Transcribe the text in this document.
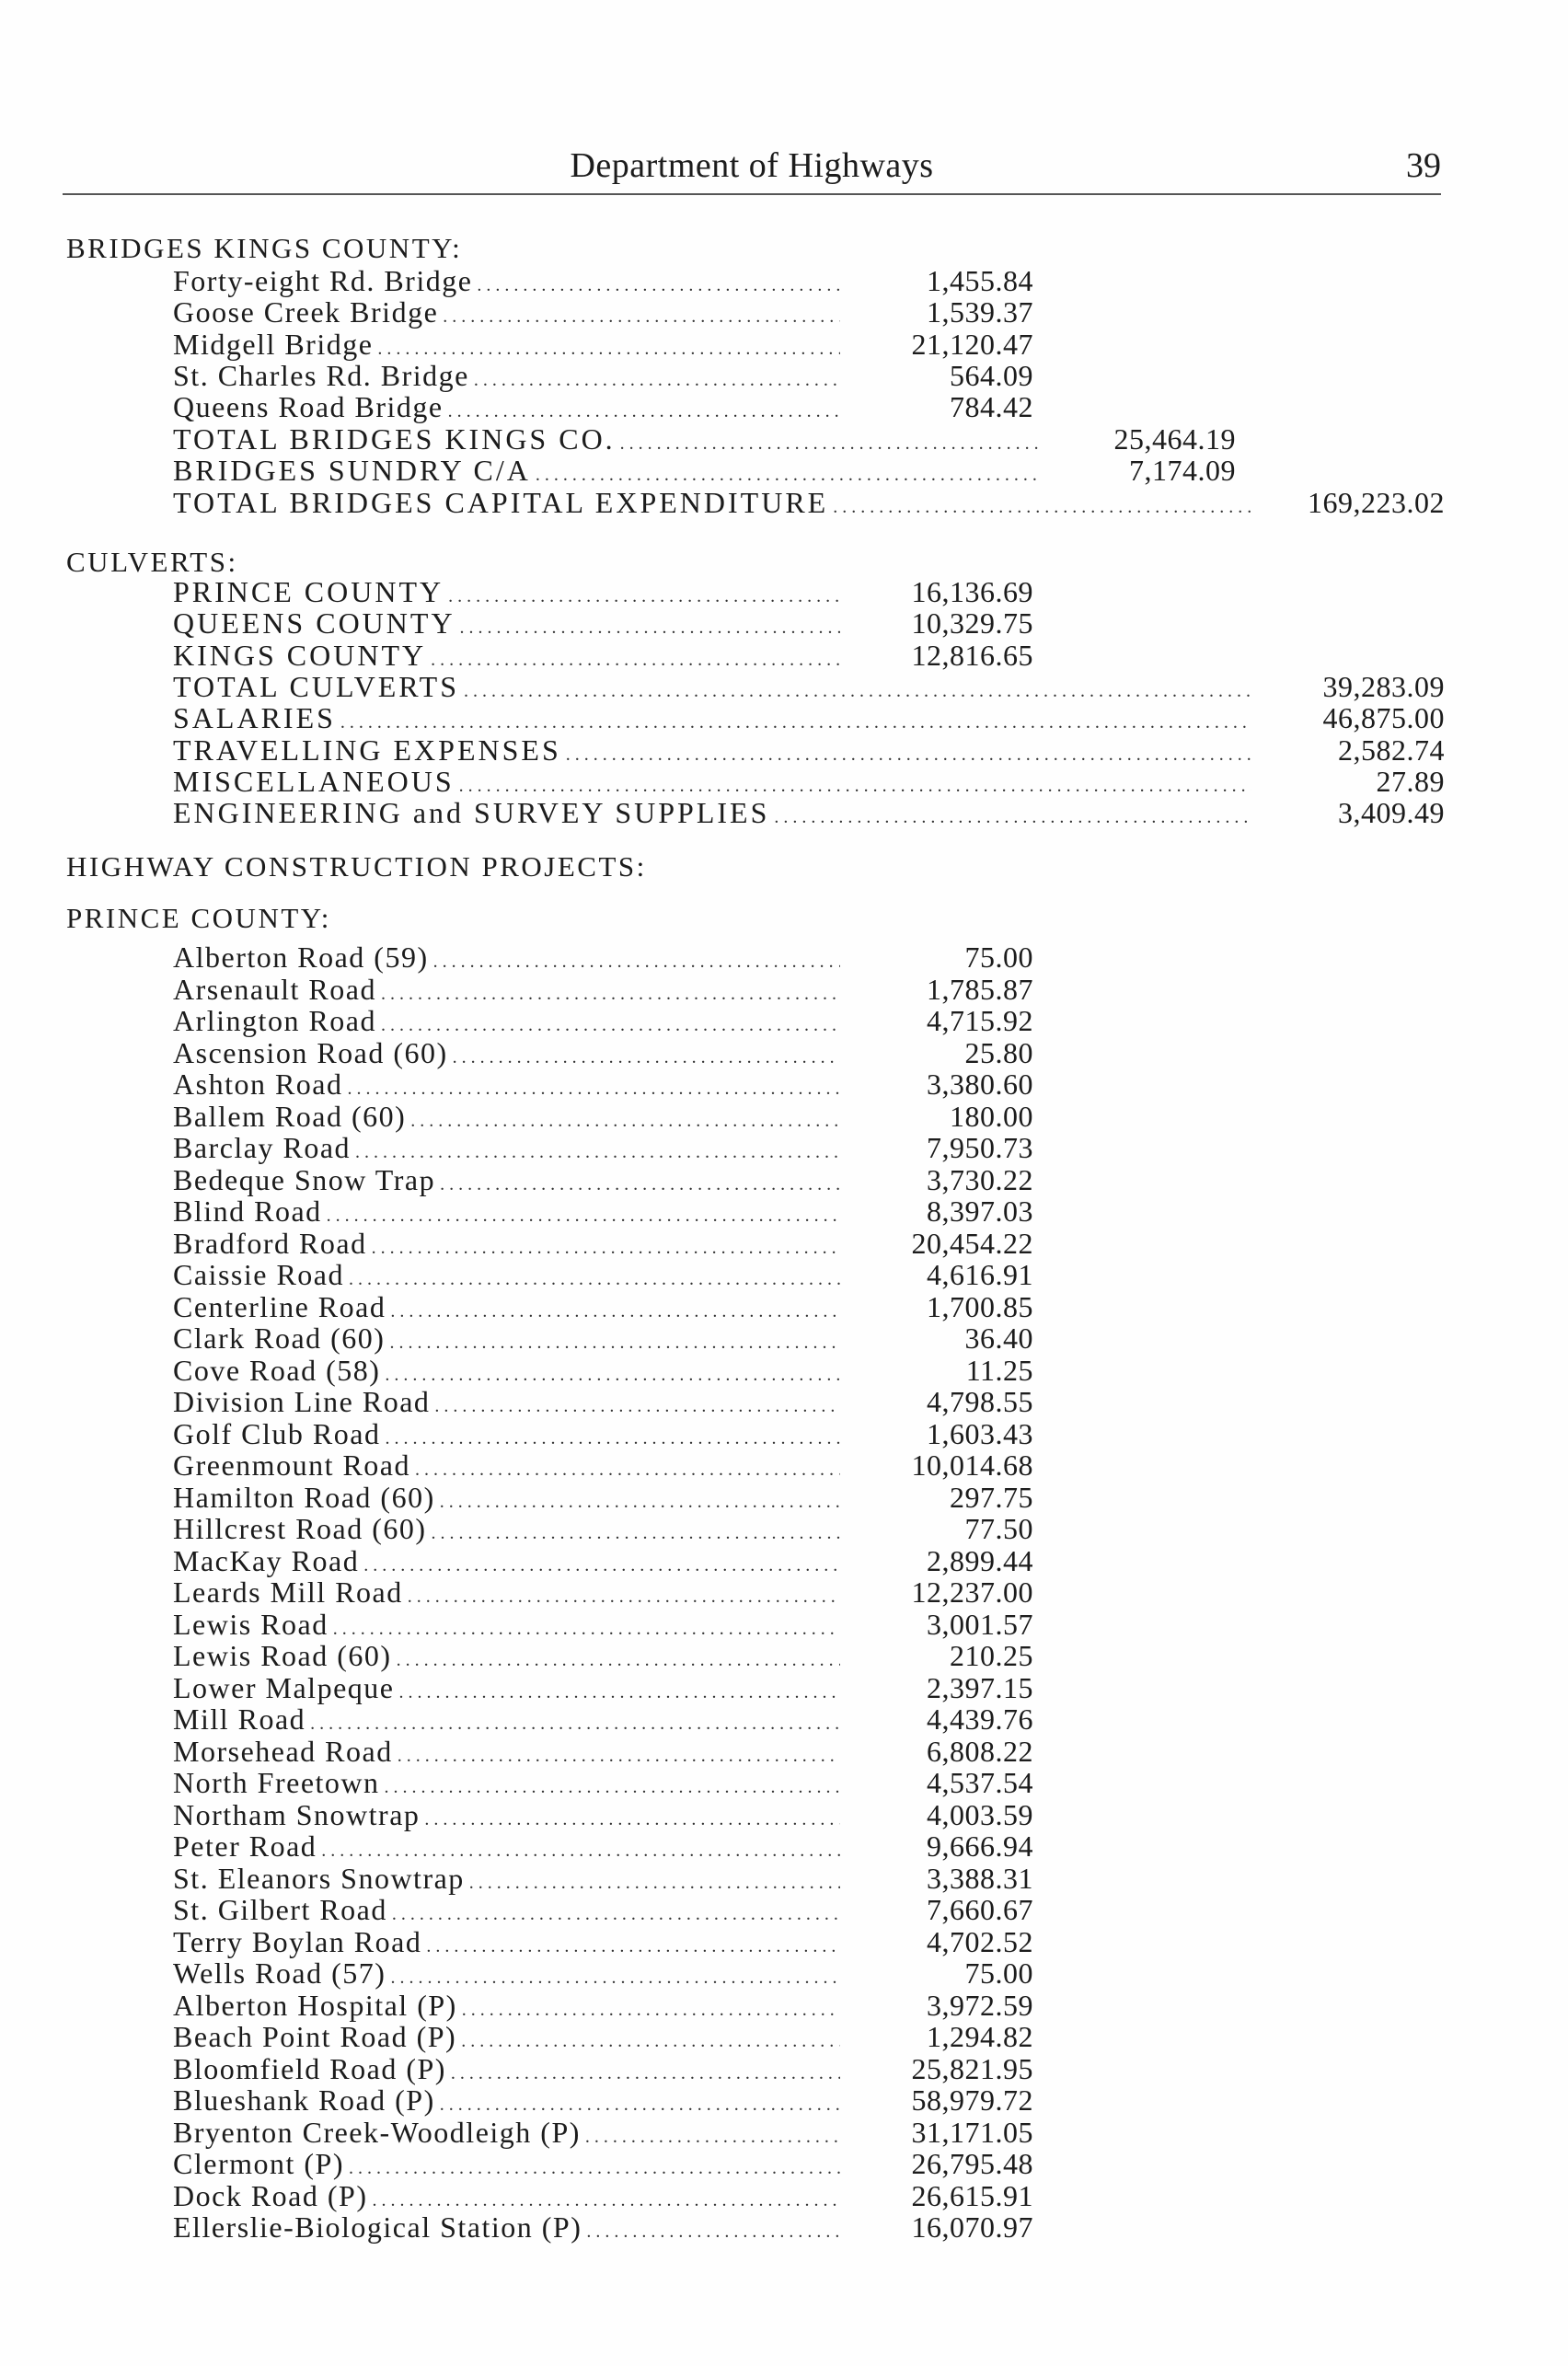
Department of Highways	39
BRIDGES KINGS COUNTY:
CULVERTS:
HIGHWAY CONSTRUCTION PROJECTS:
PRINCE COUNTY:
Forty-eight Rd. Bridge . . .	1,455.84
Goose Creek Bridge . . .	1,539.37
Midgell Bridge . . .	21,120.47
St. Charles Rd. Bridge . . .	564.09
Queens Road Bridge . . .	784.42
TOTAL BRIDGES KINGS CO. . . .	25,464.19
BRIDGES SUNDRY C/A . . .	7,174.09
TOTAL BRIDGES CAPITAL EXPENDITURE . . .	169,223.02
PRINCE COUNTY . . .	16,136.69
QUEENS COUNTY . . .	10,329.75
KINGS COUNTY . . .	12,816.65
TOTAL CULVERTS . . .	39,283.09
SALARIES . . .	46,875.00
TRAVELLING EXPENSES . . .	2,582.74
MISCELLANEOUS . . .	27.89
ENGINEERING and SURVEY SUPPLIES . . .	3,409.49
Alberton Road (59) . . .	75.00
Arsenault Road . . .	1,785.87
Arlington Road . . .	4,715.92
Ascension Road (60) . . .	25.80
Ashton Road . . .	3,380.60
Ballem Road (60) . . .	180.00
Barclay Road . . .	7,950.73
Bedeque Snow Trap . . .	3,730.22
Blind Road . . .	8,397.03
Bradford Road . . .	20,454.22
Caissie Road . . .	4,616.91
Centerline Road . . .	1,700.85
Clark Road (60) . . .	36.40
Cove Road (58) . . .	11.25
Division Line Road . . .	4,798.55
Golf Club Road . . .	1,603.43
Greenmount Road . . .	10,014.68
Hamilton Road (60) . . .	297.75
Hillcrest Road (60) . . .	77.50
MacKay Road . . .	2,899.44
Leards Mill Road . . .	12,237.00
Lewis Road . . .	3,001.57
Lewis Road (60) . . .	210.25
Lower Malpeque . . .	2,397.15
Mill Road . . .	4,439.76
Morsehead Road . . .	6,808.22
North Freetown . . .	4,537.54
Northam Snowtrap . . .	4,003.59
Peter Road . . .	9,666.94
St. Eleanors Snowtrap . . .	3,388.31
St. Gilbert Road . . .	7,660.67
Terry Boylan Road . . .	4,702.52
Wells Road (57) . . .	75.00
Alberton Hospital (P) . . .	3,972.59
Beach Point Road (P) . . .	1,294.82
Bloomfield Road (P) . . .	25,821.95
Blueshank Road (P) . . .	58,979.72
Bryenton Creek-Woodleigh (P) . . .	31,171.05
Clermont (P) . . .	26,795.48
Dock Road (P) . . .	26,615.91
Ellerslie-Biological Station (P) . . .	16,070.97
